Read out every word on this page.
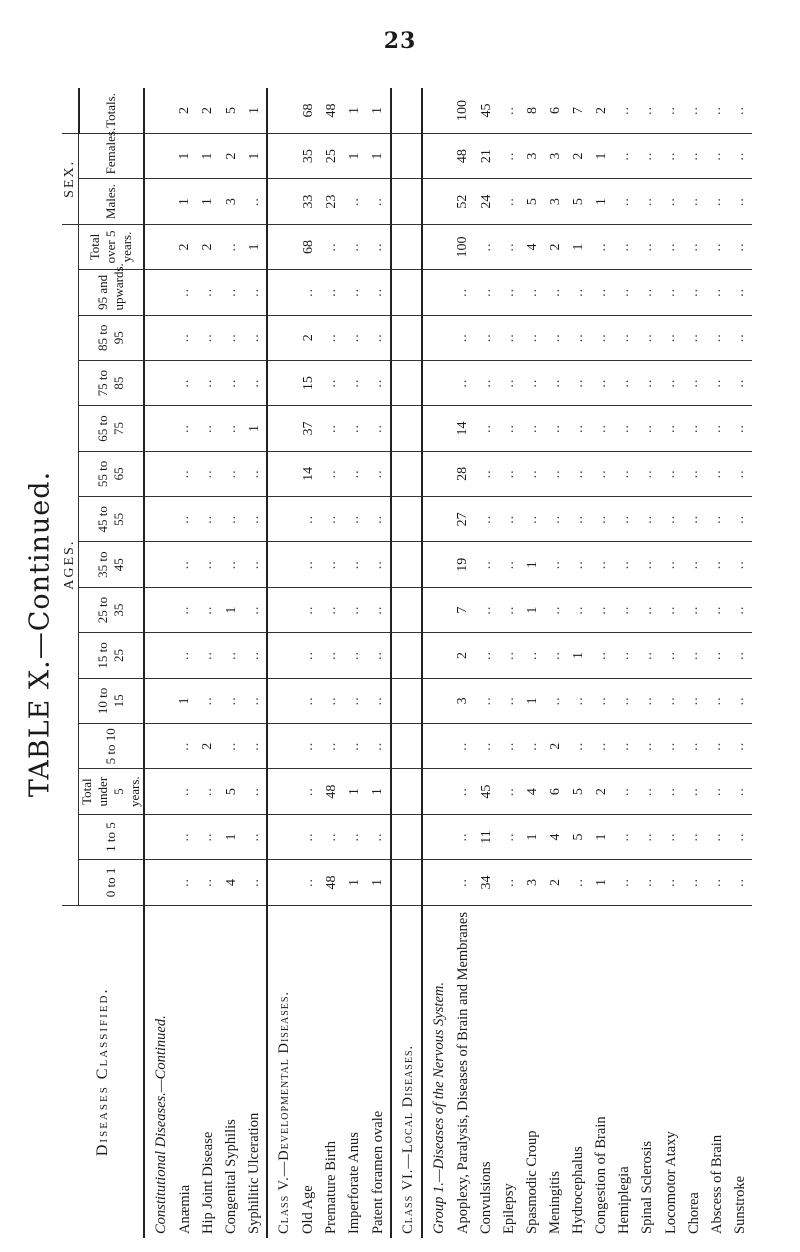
23
TABLE X.—Continued.
Diseases Classified.	AGES.															SEX.		
	0 to 1	1 to 5	Total under 5 years.	5 to 10	10 to 15	15 to 25	25 to 35	35 to 45	45 to 55	55 to 65	65 to 75	75 to 85	85 to 95	95 and upwards.	Total over 5 years.	Males.	Females.	Totals.
Constitutional Diseases.—Continued.																		
Anæmia	..	..	..	..	1	..	..	..	..	..	..	..	..	..	2	1	1	2
Hip Joint Disease	..	..	..	2	..	..	..	..	..	..	..	..	..	..	2	1	1	2
Congenital Syphilis	4	1	5	..	..	..	1	..	..	..	..	..	..	..	..	3	2	5
Syphilitic Ulceration	..	..	..	..	..	..	..	..	..	..	1	..	..	..	1	..	1	1
Class V.—Developmental Diseases.																		
Old Age	..	..	..	..	..	..	..	..	..	14	37	15	2	..	68	33	35	68
Premature Birth	48	..	48	..	..	..	..	..	..	..	..	..	..	..	..	23	25	48
Imperforate Anus	1	..	1	..	..	..	..	..	..	..	..	..	..	..	..	..	1	1
Patent foramen ovale	1	..	1	..	..	..	..	..	..	..	..	..	..	..	..	..	1	1
Class VI.—Local Diseases.																		
Group 1.—Diseases of the Nervous System.																		
Apoplexy, Paralysis, Diseases of Brain and Membranes	..	..	..	..	3	2	7	19	27	28	14	..	..	..	100	52	48	100
Convulsions	34	11	45	..	..	..	..	..	..	..	..	..	..	..	..	24	21	45
Epilepsy	..	..	..	..	..	..	..	..	..	..	..	..	..	..	..	..	..	..
Spasmodic Croup	3	1	4	..	1	..	1	1	..	..	..	..	..	..	4	5	3	8
Meningitis	2	4	6	2	..	..	..	..	..	..	..	..	..	..	2	3	3	6
Hydrocephalus	..	5	5	..	..	1	..	..	..	..	..	..	..	..	1	5	2	7
Congestion of Brain	1	1	2	..	..	..	..	..	..	..	..	..	..	..	..	1	1	2
Hemiplegia	..	..	..	..	..	..	..	..	..	..	..	..	..	..	..	..	..	..
Spinal Sclerosis	..	..	..	..	..	..	..	..	..	..	..	..	..	..	..	..	..	..
Locomotor Ataxy	..	..	..	..	..	..	..	..	..	..	..	..	..	..	..	..	..	..
Chorea	..	..	..	..	..	..	..	..	..	..	..	..	..	..	..	..	..	..
Abscess of Brain	..	..	..	..	..	..	..	..	..	..	..	..	..	..	..	..	..	..
Sunstroke	..	..	..	..	..	..	..	..	..	..	..	..	..	..	..	..	..	..
